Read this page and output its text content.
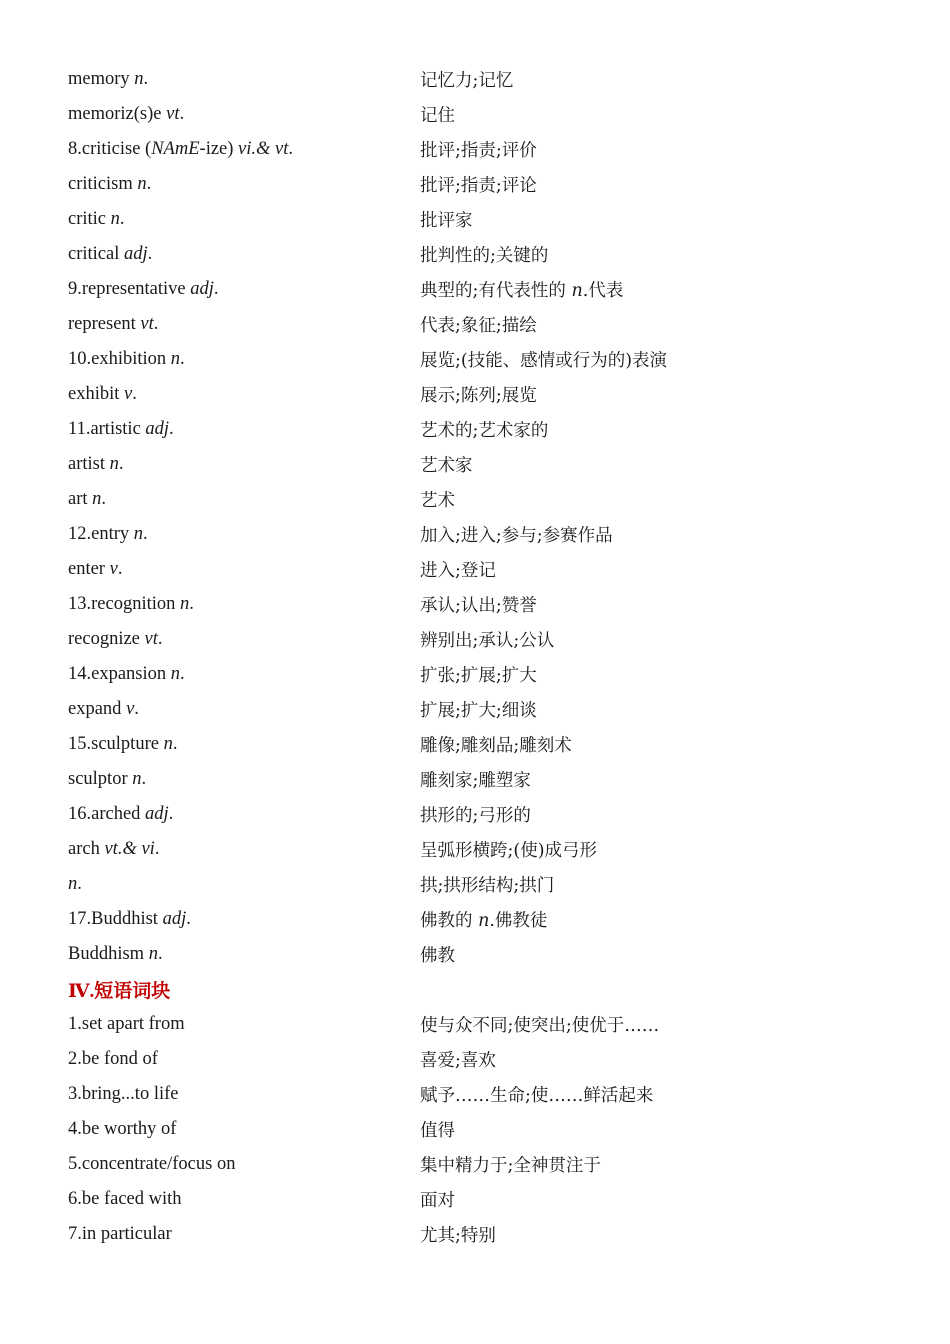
memory n.	记忆力;记忆
memoriz(s)e vt.	记住
8.criticise (NAmE-ize) vi.& vt.	批评;指责;评价
criticism n.	批评;指责;评论
critic n.	批评家
critical adj.	批判性的;关键的
9.representative adj.	典型的;有代表性的 n.代表
represent vt.	代表;象征;描绘
10.exhibition n.	展览;(技能、感情或行为的)表演
exhibit v.	展示;陈列;展览
11.artistic adj.	艺术的;艺术家的
artist n.	艺术家
art n.	艺术
12.entry n.	加入;进入;参与;参赛作品
enter v.	进入;登记
13.recognition n.	承认;认出;赞誉
recognize vt.	辨别出;承认;公认
14.expansion n.	扩张;扩展;扩大
expand v.	扩展;扩大;细谈
15.sculpture n.	雕像;雕刻品;雕刻术
sculptor n.	雕刻家;雕塑家
16.arched adj.	拱形的;弓形的
arch vt.& vi.	呈弧形横跨;(使)成弓形
n.	拱;拱形结构;拱门
17.Buddhist adj.	佛教的 n.佛教徒
Buddhism n.	佛教
Ⅳ.短语词块
1.set apart from	使与众不同;使突出;使优于……
2.be fond of	喜爱;喜欢
3.bring...to life	赋予……生命;使……鲜活起来
4.be worthy of	值得
5.concentrate/focus on	集中精力于;全神贯注于
6.be faced with	面对
7.in particular	尤其;特别
